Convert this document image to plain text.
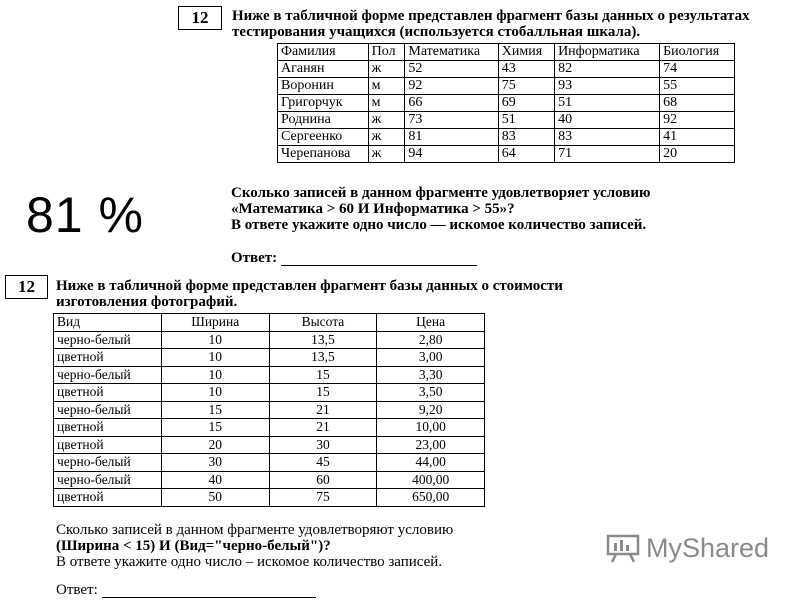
12	Ниже в табличной форме представлен фрагмент базы данных о результатах
тестирования учащихся (используется стобалльная шкала).
Фамилия	Пол	Математика	Химия	Информатика	Биология
Аганян	ж	52	43	82	74
Воронин	м	92	75	93	55
Григорчук	м	66	69	51	68
Роднина	ж	73	51	40	92
Сергеенко	ж	81	83	83	41
Черепанова	ж	94	64	71	20
Сколько записей в данном фрагменте удовлетворяет условию
«Математика > 60 И Информатика > 55»?
В ответе укажите одно число — искомое количество записей.
Ответ:
81 %
12	Ниже в табличной форме представлен фрагмент базы данных о стоимости
изготовления фотографий.
Вид	Ширина	Высота	Цена
черно-белый	10	13,5	2,80
цветной	10	13,5	3,00
черно-белый	10	15	3,30
цветной	10	15	3,50
черно-белый	15	21	9,20
цветной	15	21	10,00
цветной	20	30	23,00
черно-белый	30	45	44,00
черно-белый	40	60	400,00
цветной	50	75	650,00
Сколько записей в данном фрагменте удовлетворяют условию
(Ширина < 15) И (Вид="черно-белый")?
В ответе укажите одно число – искомое количество записей.
Ответ:
MyShared
